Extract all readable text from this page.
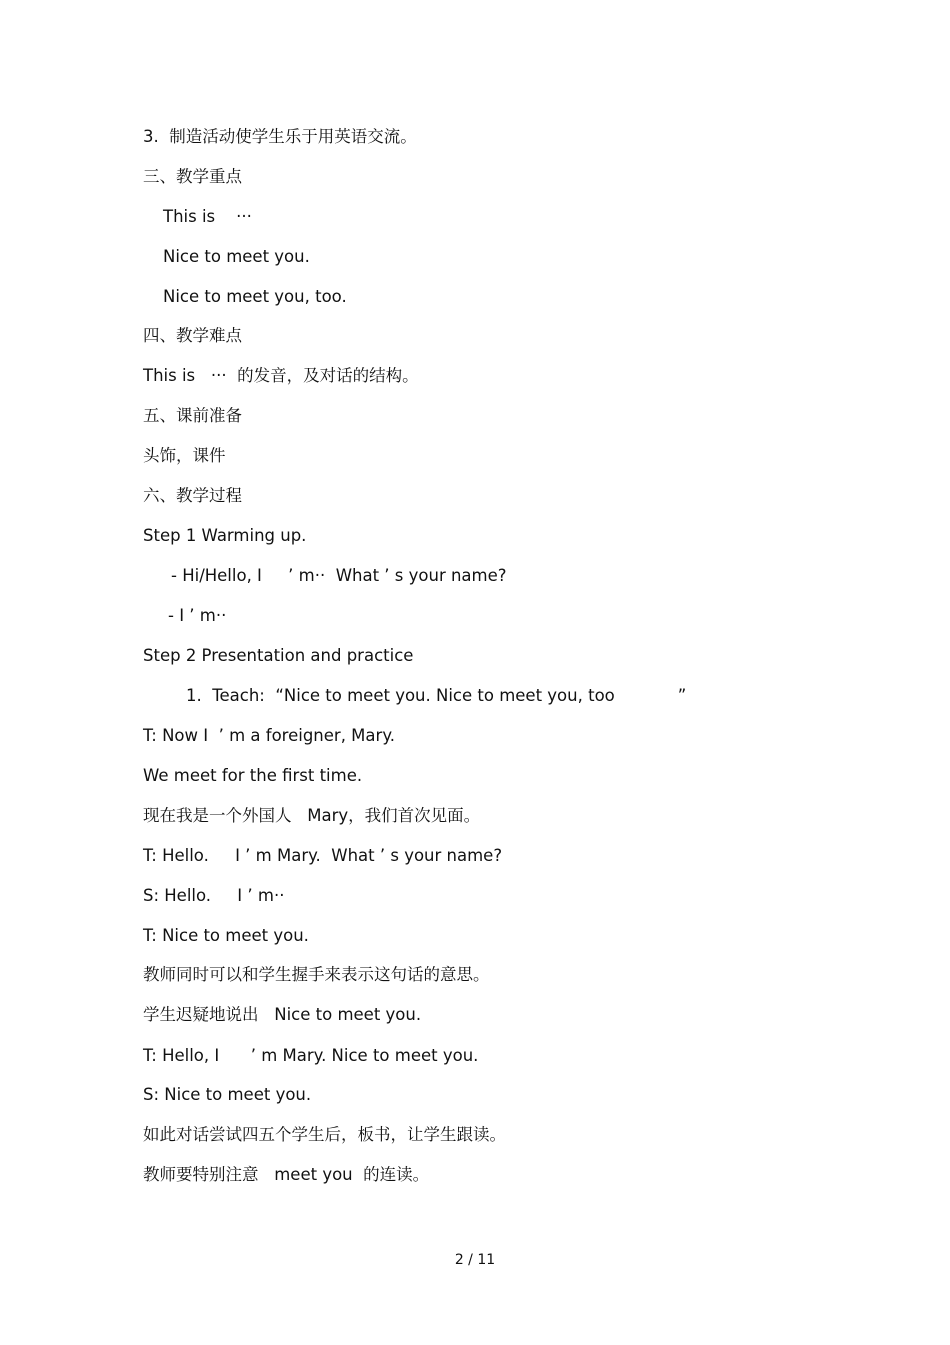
3.  制造活动使学生乐于用英语交流。

三、教学重点

This is    ···

Nice to meet you.

Nice to meet you, too.

四、教学难点

This is   ···  的发音，及对话的结构。

五、课前准备

头饰，课件

六、教学过程

Step 1 Warming up.

- Hi/Hello, I     ’ m··  What ’ s your name?

- I ’ m··

Step 2 Presentation and practice

1.  Teach:  “Nice to meet you. Nice to meet you, too            ”

T: Now I  ’ m a foreigner, Mary.

We meet for the first time.

现在我是一个外国人   Mary，我们首次见面。

T: Hello.     I ’ m Mary.  What ’ s your name?

S: Hello.     I ’ m··

T: Nice to meet you.

教师同时可以和学生握手来表示这句话的意思。

学生迟疑地说出   Nice to meet you.

T: Hello, I      ’ m Mary. Nice to meet you.

S: Nice to meet you.

如此对话尝试四五个学生后，板书，让学生跟读。

教师要特别注意   meet you  的连读。

2 / 11
